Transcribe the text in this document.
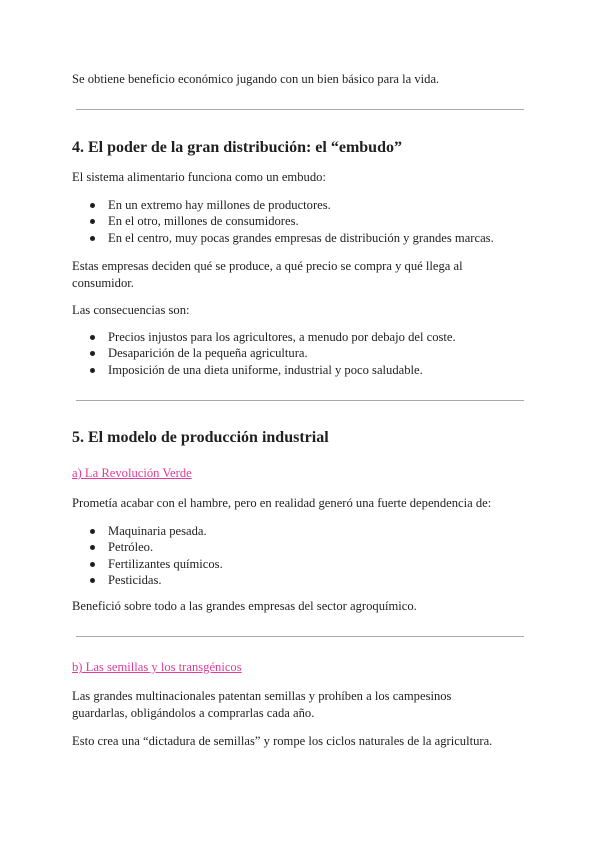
Se obtiene beneficio económico jugando con un bien básico para la vida.

4. El poder de la gran distribución: el “embudo”

El sistema alimentario funciona como un embudo:

En un extremo hay millones de productores.
En el otro, millones de consumidores.
En el centro, muy pocas grandes empresas de distribución y grandes marcas.

Estas empresas deciden qué se produce, a qué precio se compra y qué llega al consumidor.

Las consecuencias son:

Precios injustos para los agricultores, a menudo por debajo del coste.
Desaparición de la pequeña agricultura.
Imposición de una dieta uniforme, industrial y poco saludable.
5. El modelo de producción industrial
a) La Revolución Verde

Prometía acabar con el hambre, pero en realidad generó una fuerte dependencia de:

Maquinaria pesada.
Petróleo.
Fertilizantes químicos.
Pesticidas.

Benefició sobre todo a las grandes empresas del sector agroquímico.

b) Las semillas y los transgénicos

Las grandes multinacionales patentan semillas y prohíben a los campesinos guardarlas, obligándolos a comprarlas cada año.

Esto crea una “dictadura de semillas” y rompe los ciclos naturales de la agricultura.
